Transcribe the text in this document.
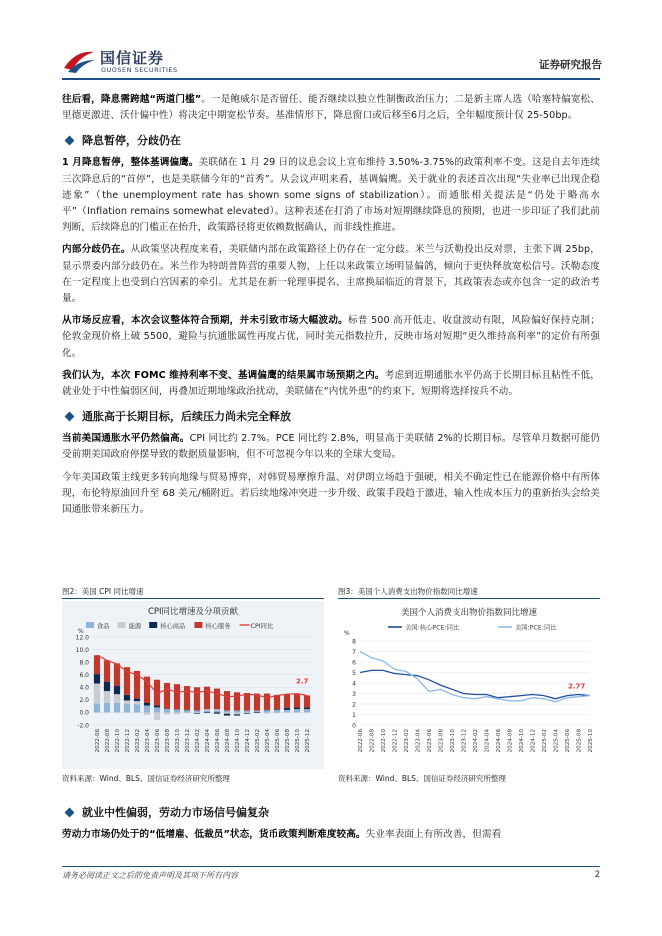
国信证券
GUOSEN SECURITIES	证券研究报告

往后看，降息需跨越“两道门槛”。一是鲍威尔是否留任、能否继续以独立性制衡政治压力；二是新主席人选（哈塞特偏宽松、里德更激进、沃什偏中性）将决定中期宽松节奏。基准情形下，降息窗口或后移至6月之后，全年幅度预计仅 25-50bp。

降息暂停，分歧仍在

1 月降息暂停，整体基调偏鹰。美联储在 1 月 29 日的议息会议上宣布维持 3.50%-3.75%的政策利率不变。这是自去年连续三次降息后的“首停”，也是美联储今年的“首秀”。从会议声明来看，基调偏鹰。关于就业的表述首次出现“失业率已出现企稳迹象”（the unemployment rate has shown some signs of stabilization）。而通胀相关提法是“仍处于略高水平”（Inflation remains somewhat elevated）。这种表述在打消了市场对短期继续降息的预期，也进一步印证了我们此前判断，后续降息的门槛正在抬升，政策路径将更依赖数据确认，而非线性推进。

内部分歧仍在。从政策坚决程度来看，美联储内部在政策路径上仍存在一定分歧。米兰与沃勒投出反对票，主张下调 25bp，显示票委内部分歧仍在。米兰作为特朗普阵营的重要人物，上任以来政策立场明显偏鸽，倾向于更快释放宽松信号。沃勒态度在一定程度上也受到白宫因素的牵引。尤其是在新一轮理事提名、主席换届临近的背景下，其政策表态或亦包含一定的政治考量。

从市场反应看，本次会议整体符合预期，并未引致市场大幅波动。标普 500 高开低走、收盘波动有限，风险偏好保持克制；伦敦金现价格上破 5500，避险与抗通胀属性再度占优，同时美元指数拉升，反映市场对短期“更久维持高利率”的定价有所强化。

我们认为，本次 FOMC 维持利率不变、基调偏鹰的结果属市场预期之内。考虑到近期通胀水平仍高于长期目标且粘性不低，就业处于中性偏弱区间，再叠加近期地缘政治扰动，美联储在“内忧外患”的约束下，短期将选择按兵不动。

通胀高于长期目标，后续压力尚未完全释放

当前美国通胀水平仍然偏高。CPI 同比约 2.7%。PCE 同比约 2.8%，明显高于美联储 2%的长期目标。尽管单月数据可能仍受前期美国政府停摆导致的数据质量影响，但不可忽视今年以来的全球大变局。

今年美国政策主线更多转向地缘与贸易博弈，对韩贸易摩擦升温、对伊朗立场趋于强硬，相关不确定性已在能源价格中有所体现，布伦特原油回升至 68 美元/桶附近。若后续地缘冲突进一步升级、政策手段趋于激进，输入性成本压力的重新抬头会给美国通胀带来新压力。

图2：美国 CPI 同比增速
CPI同比增速及分项贡献
食品	能源	核心商品	核心服务	CPI同比
12.0
10.0
8.0
6.0
4.0
2.0
0.0
-2.0
%
2.7
2022-06 2022-08 2022-10 2022-12 2023-02 2023-04 2023-06 2023-08 2023-10 2023-12 2024-02 2024-04 2024-06 2024-08 2024-10 2024-12 2025-02 2025-04 2025-06 2025-08 2025-10 2025-12
资料来源：Wind、BLS、国信证券经济研究所整理
图3：美国个人消费支出物价指数同比增速
美国个人消费支出物价指数同比增速
美国:核心PCE:同比	美国:PCE:同比
8
7
6
5
4
3
2
1
0
%
2.77
2022-06 2022-08 2022-10 2022-12 2023-02 2023-04 2023-06 2023-08 2023-10 2023-12 2024-02 2024-04 2024-06 2024-08 2024-10 2024-12 2025-02 2025-04 2025-06 2025-08 2025-10
资料来源：Wind、BLS、国信证券经济研究所整理
就业中性偏弱，劳动力市场信号偏复杂

劳动力市场仍处于的“低增雇、低裁员”状态，货币政策判断难度较高。失业率表面上有所改善，但需看

请务必阅读正文之后的免责声明及其项下所有内容	2
